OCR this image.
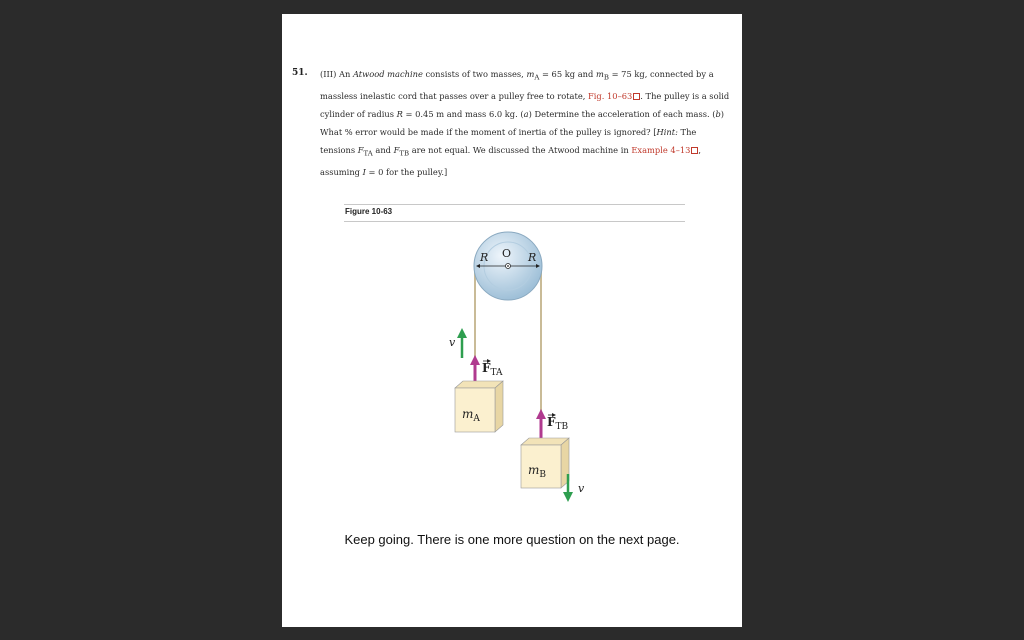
51. (III) An Atwood machine consists of two masses, $m_A = 65$ kg and $m_B = 75$ kg, connected by a massless inelastic cord that passes over a pulley free to rotate, Fig. 10–63 . The pulley is a solid cylinder of radius R = 0.45 m and mass 6.0 kg. (a) Determine the acceleration of each mass. (b) What % error would be made if the moment of inertia of the pulley is ignored? [Hint: The tensions $F_{TA}$ and $F_{TB}$ are not equal. We discussed the Atwood machine in Example 4–13 , assuming I = 0 for the pulley.]
Figure 10-63
R O R
v
$F_{TA}$
$m_A$	$F_{TB}$
$m_B$
v
Keep going. There is one more question on the next page.
